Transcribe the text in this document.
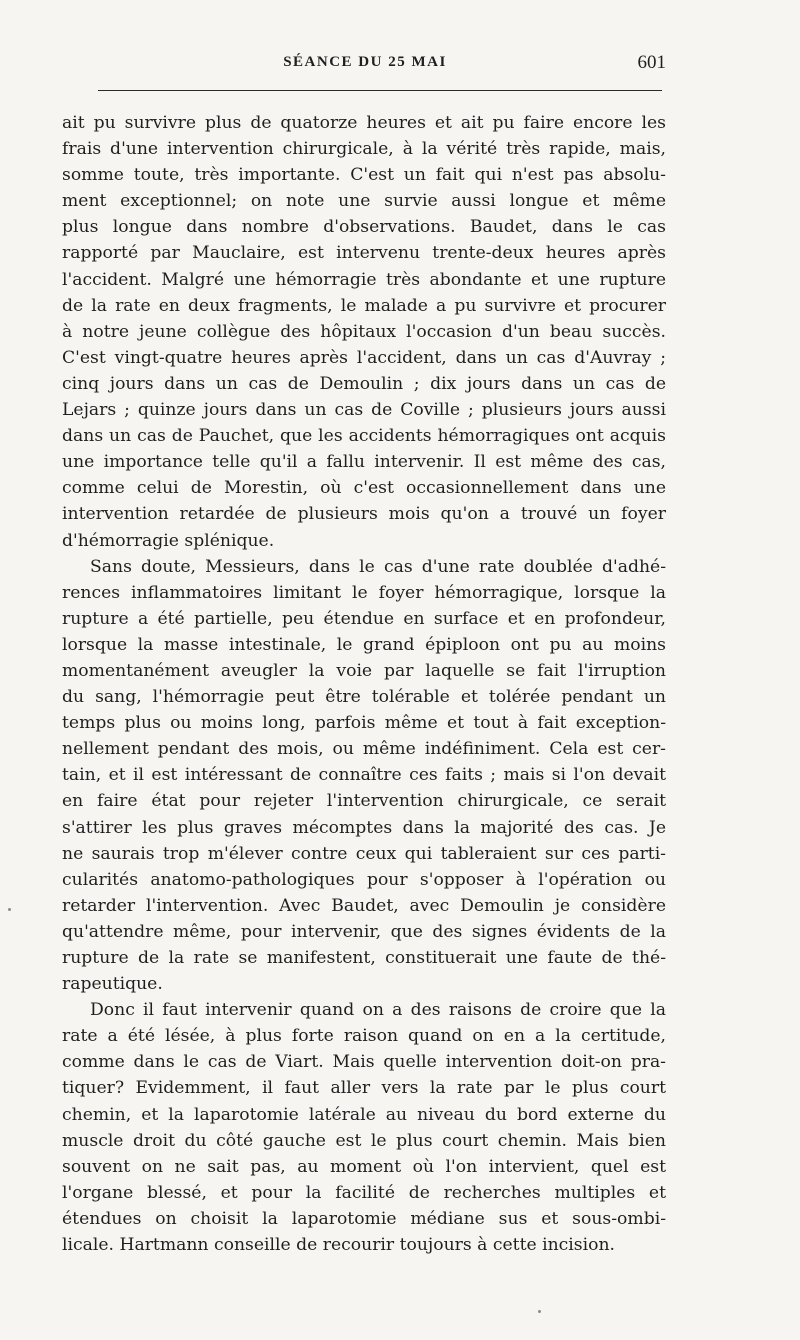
SÉANCE DU 25 MAI	601
ait pu survivre plus de quatorze heures et ait pu faire encore les
frais d'une intervention chirurgicale, à la vérité très rapide, mais,
somme toute, très importante. C'est un fait qui n'est pas absolu-
ment exceptionnel; on note une survie aussi longue et même
plus longue dans nombre d'observations. Baudet, dans le cas
rapporté par Mauclaire, est intervenu trente-deux heures après
l'accident. Malgré une hémorragie très abondante et une rupture
de la rate en deux fragments, le malade a pu survivre et procurer
à notre jeune collègue des hôpitaux l'occasion d'un beau succès.
C'est vingt-quatre heures après l'accident, dans un cas d'Auvray ;
cinq jours dans un cas de Demoulin ; dix jours dans un cas de
Lejars ; quinze jours dans un cas de Coville ; plusieurs jours aussi
dans un cas de Pauchet, que les accidents hémorragiques ont acquis
une importance telle qu'il a fallu intervenir. Il est même des cas,
comme celui de Morestin, où c'est occasionnellement dans une
intervention retardée de plusieurs mois qu'on a trouvé un foyer
d'hémorragie splénique.
Sans doute, Messieurs, dans le cas d'une rate doublée d'adhé-
rences inflammatoires limitant le foyer hémorragique, lorsque la
rupture a été partielle, peu étendue en surface et en profondeur,
lorsque la masse intestinale, le grand épiploon ont pu au moins
momentanément aveugler la voie par laquelle se fait l'irruption
du sang, l'hémorragie peut être tolérable et tolérée pendant un
temps plus ou moins long, parfois même et tout à fait exception-
nellement pendant des mois, ou même indéfiniment. Cela est cer-
tain, et il est intéressant de connaître ces faits ; mais si l'on devait
en faire état pour rejeter l'intervention chirurgicale, ce serait
s'attirer les plus graves mécomptes dans la majorité des cas. Je
ne saurais trop m'élever contre ceux qui tableraient sur ces parti-
cularités anatomo-pathologiques pour s'opposer à l'opération ou
retarder l'intervention. Avec Baudet, avec Demoulin je considère
qu'attendre même, pour intervenir, que des signes évidents de la
rupture de la rate se manifestent, constituerait une faute de thé-
rapeutique.
Donc il faut intervenir quand on a des raisons de croire que la
rate a été lésée, à plus forte raison quand on en a la certitude,
comme dans le cas de Viart. Mais quelle intervention doit-on pra-
tiquer? Evidemment, il faut aller vers la rate par le plus court
chemin, et la laparotomie latérale au niveau du bord externe du
muscle droit du côté gauche est le plus court chemin. Mais bien
souvent on ne sait pas, au moment où l'on intervient, quel est
l'organe blessé, et pour la facilité de recherches multiples et
étendues on choisit la laparotomie médiane sus et sous-ombi-
licale. Hartmann conseille de recourir toujours à cette incision.
